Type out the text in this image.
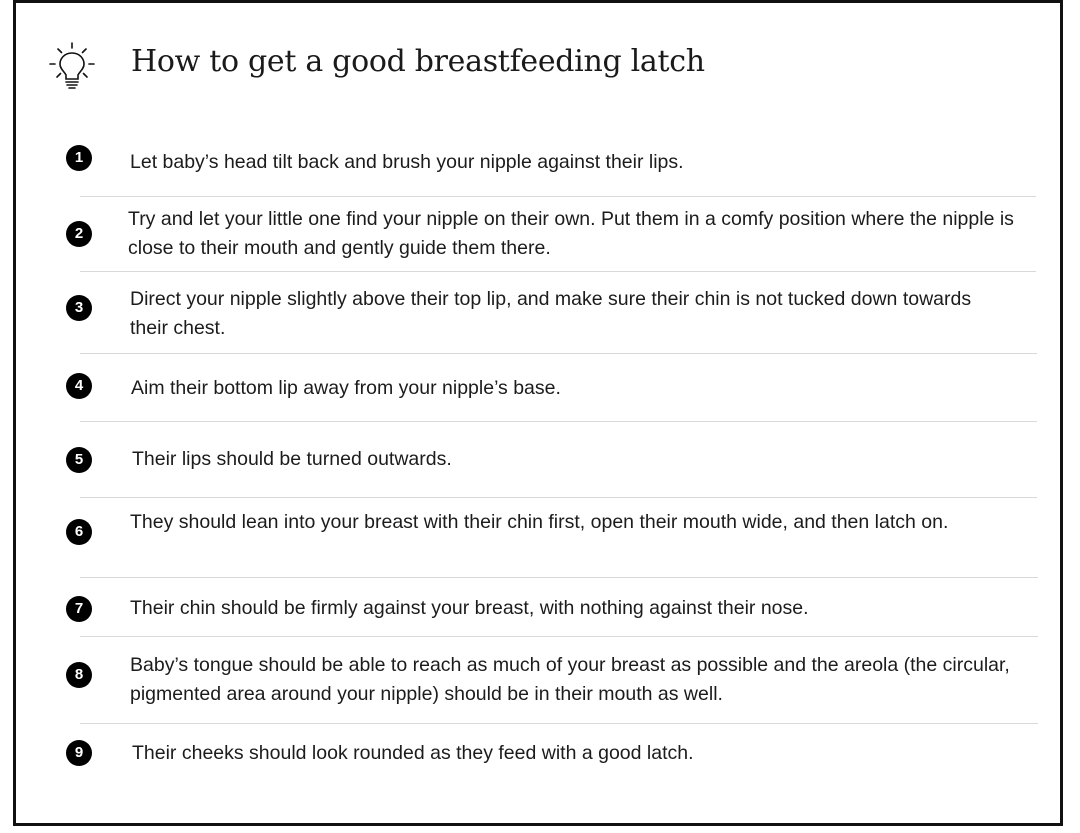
How to get a good breastfeeding latch
1	Let baby’s head tilt back and brush your nipple against their lips.
2
Try and let your little one find your nipple on their own. Put them in a comfy position where the nipple is close to their mouth and gently guide them there.
3	Direct your nipple slightly above their top lip, and make sure their chin is not tucked down towards their chest.
4	Aim their bottom lip away from your nipple’s base.
5	Their lips should be turned outwards.
6	They should lean into your breast with their chin first, open their mouth wide, and then latch on.
7	Their chin should be firmly against your breast, with nothing against their nose.
8	Baby’s tongue should be able to reach as much of your breast as possible and the areola (the circular, pigmented area around your nipple) should be in their mouth as well.
9	Their cheeks should look rounded as they feed with a good latch.
